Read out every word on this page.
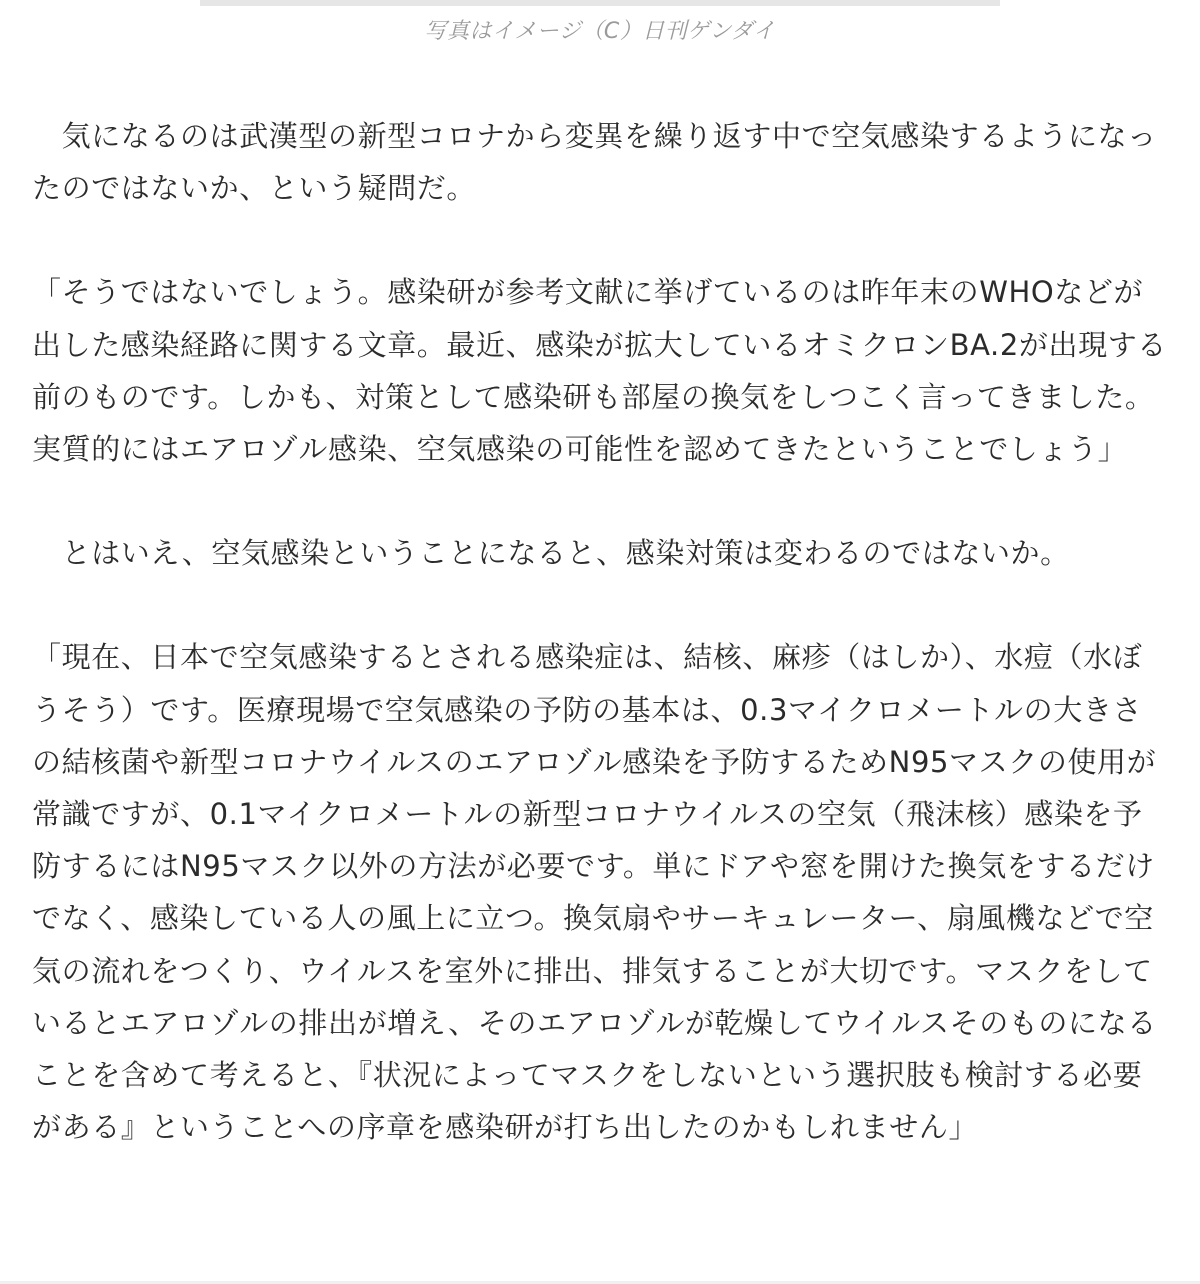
写真はイメージ（C）日刊ゲンダイ

　気になるのは武漢型の新型コロナから変異を繰り返す中で空気感染するようになったのではないか、という疑問だ。

「そうではないでしょう。感染研が参考文献に挙げているのは昨年末のWHOなどが出した感染経路に関する文章。最近、感染が拡大しているオミクロンBA.2が出現する前のものです。しかも、対策として感染研も部屋の換気をしつこく言ってきました。実質的にはエアロゾル感染、空気感染の可能性を認めてきたということでしょう」

　とはいえ、空気感染ということになると、感染対策は変わるのではないか。

「現在、日本で空気感染するとされる感染症は、結核、麻疹（はしか）、水痘（水ぼうそう）です。医療現場で空気感染の予防の基本は、0.3マイクロメートルの大きさの結核菌や新型コロナウイルスのエアロゾル感染を予防するためN95マスクの使用が常識ですが、0.1マイクロメートルの新型コロナウイルスの空気（飛沫核）感染を予防するにはN95マスク以外の方法が必要です。単にドアや窓を開けた換気をするだけでなく、感染している人の風上に立つ。換気扇やサーキュレーター、扇風機などで空気の流れをつくり、ウイルスを室外に排出、排気することが大切です。マスクをしているとエアロゾルの排出が増え、そのエアロゾルが乾燥してウイルスそのものになることを含めて考えると、『状況によってマスクをしないという選択肢も検討する必要がある』ということへの序章を感染研が打ち出したのかもしれません」
